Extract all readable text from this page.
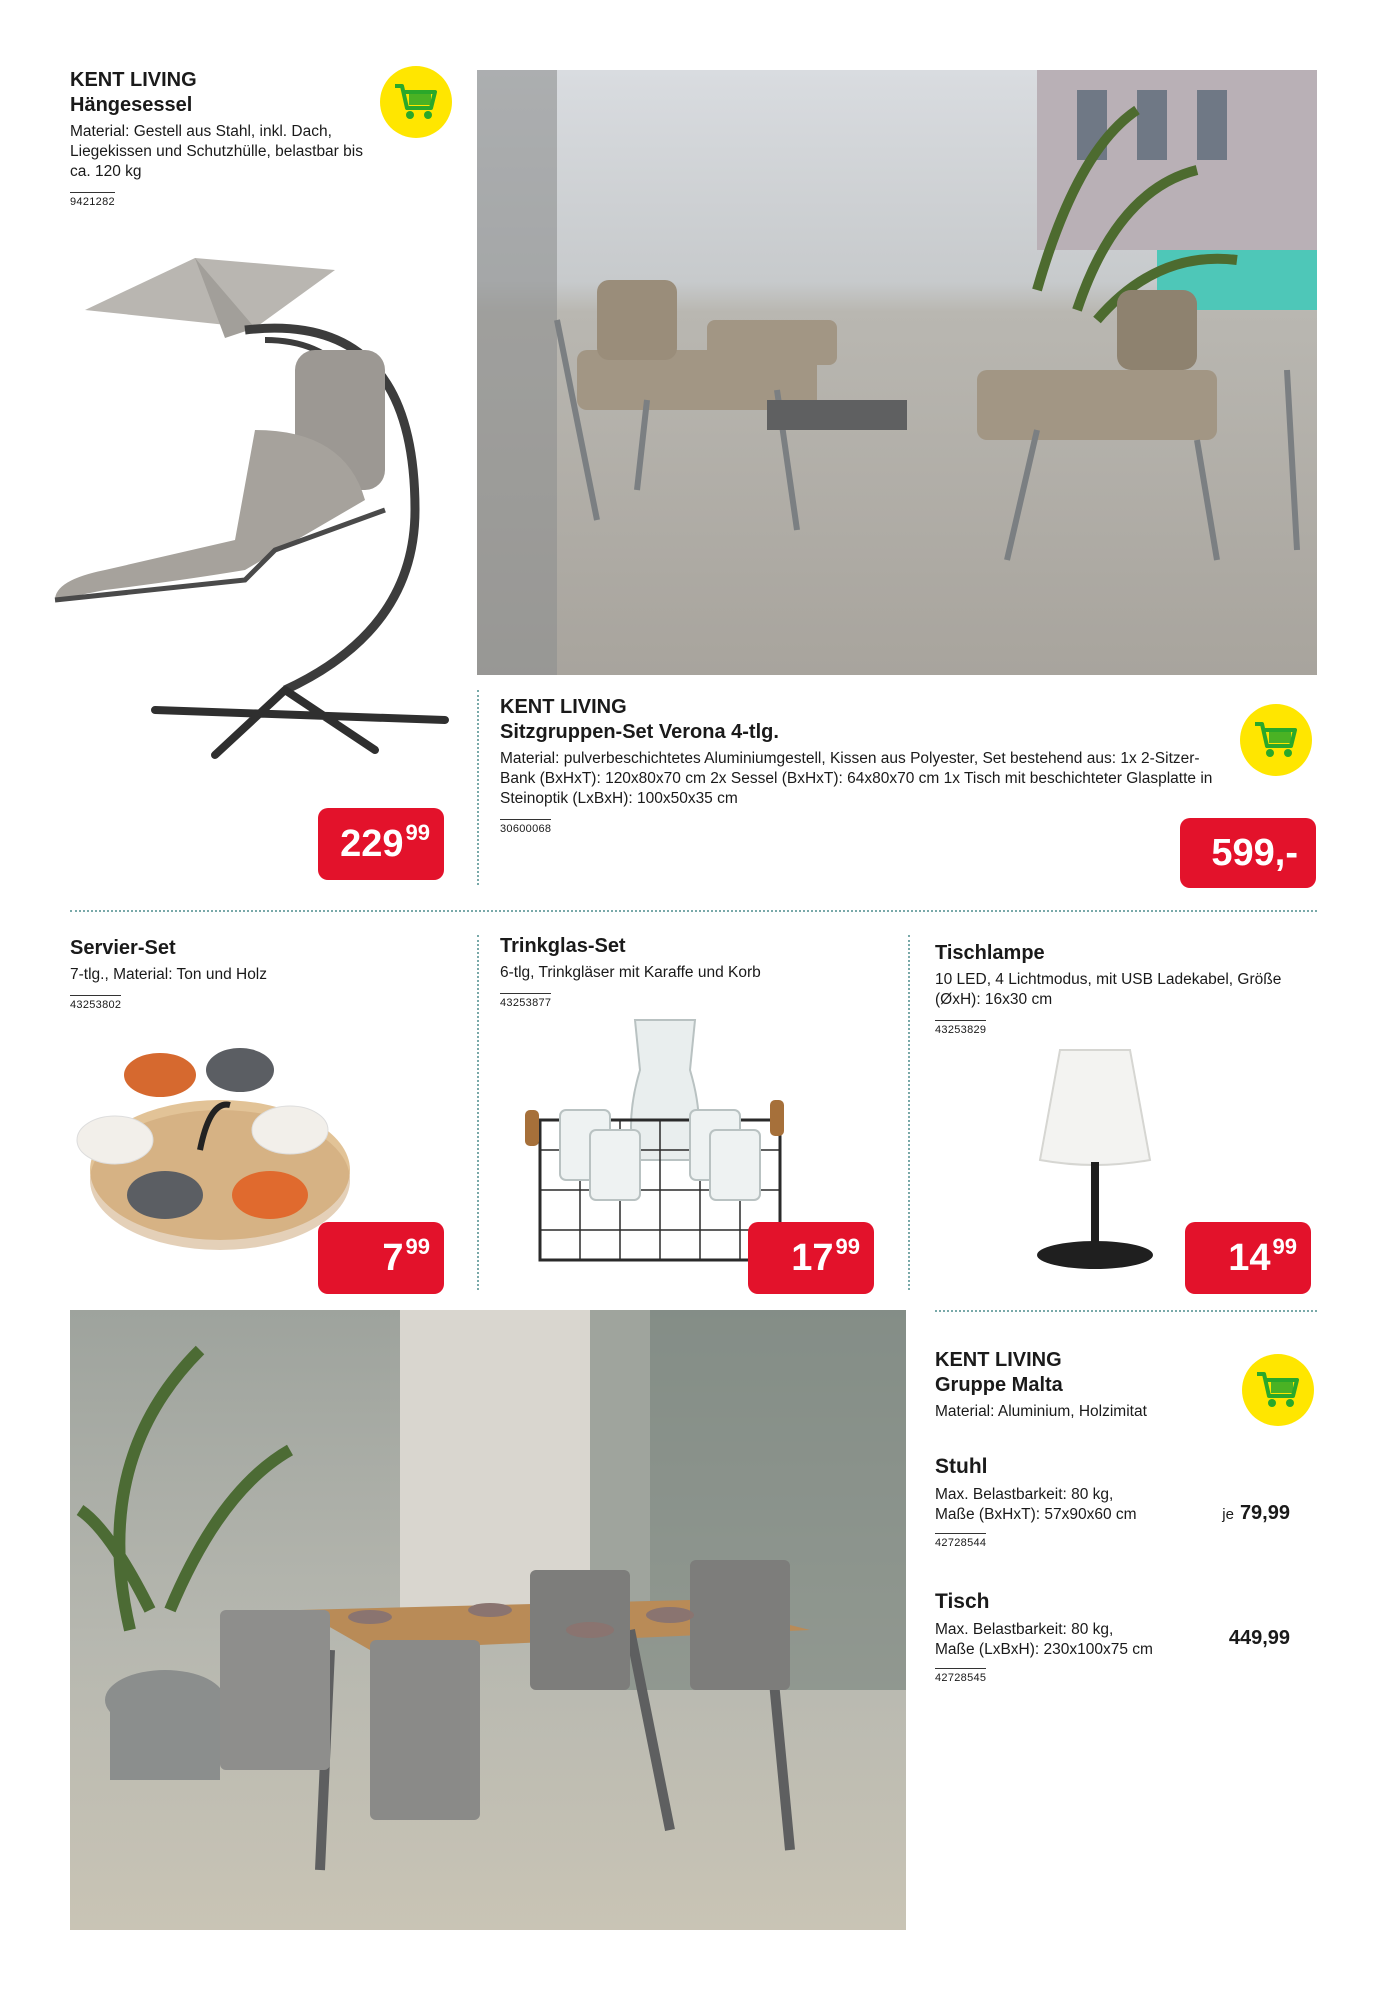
KENT LIVING

Hängesessel

Material: Gestell aus Stahl, inkl. Dach, Liegekissen und Schutzhülle, belastbar bis ca. 120 kg

9421282
229 99

KENT LIVING

Sitzgruppen-Set Verona 4-tlg.

Material: pulverbeschichtetes Aluminiumgestell, Kissen aus Polyester, Set bestehend aus: 1x 2-Sitzer-Bank (BxHxT): 120x80x70 cm 2x Sessel (BxHxT): 64x80x70 cm 1x Tisch mit beschichteter Glasplatte in Steinoptik (LxBxH): 100x50x35 cm

30600068
599,-

Servier-Set

7-tlg., Material: Ton und Holz

43253802
7 99

Trinkglas-Set

6-tlg, Trinkgläser mit Karaffe und Korb

43253877
17 99

Tischlampe

10 LED, 4 Lichtmodus, mit USB Ladekabel, Größe (ØxH): 16x30 cm

43253829
14 99

KENT LIVING

Gruppe Malta

Material: Aluminium, Holzimitat

Stuhl

Max. Belastbarkeit: 80 kg,
Maße (BxHxT): 57x90x60 cm	je 79,99
42728544

Tisch

Max. Belastbarkeit: 80 kg,
Maße (LxBxH): 230x100x75 cm
449,99
42728545
